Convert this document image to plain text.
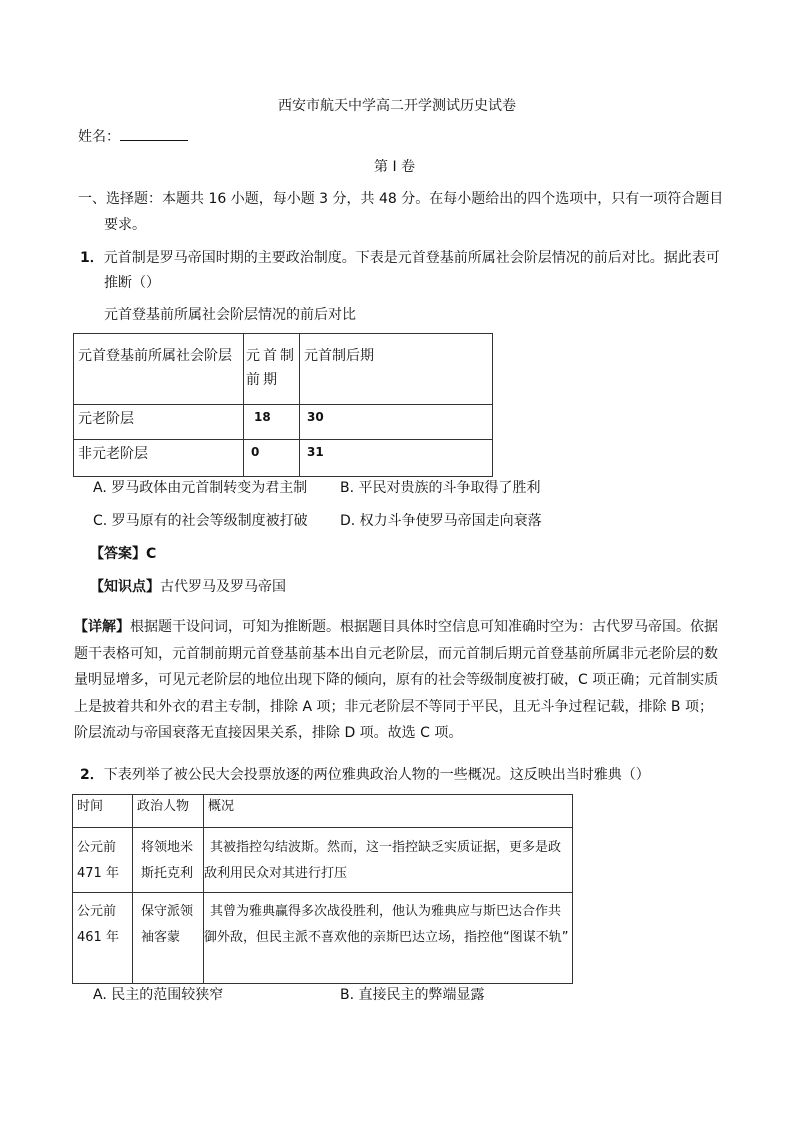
西安市航天中学高二开学测试历史试卷
姓名：
第 I 卷
一、选择题：本题共 16 小题，每小题 3 分，共 48 分。在每小题给出的四个选项中，只有一项符合题目
要求。
1．元首制是罗马帝国时期的主要政治制度。下表是元首登基前所属社会阶层情况的前后对比。据此表可
推断（）
元首登基前所属社会阶层情况的前后对比
元首登基前所属社会阶层	元首制前期	元首制后期

元老阶层	18	30

非元老阶层	0	31
A. 罗马政体由元首制转变为君主制 B. 平民对贵族的斗争取得了胜利
C. 罗马原有的社会等级制度被打破 D. 权力斗争使罗马帝国走向衰落
【答案】C
【知识点】古代罗马及罗马帝国
【详解】根据题干设问词，可知为推断题。根据题目具体时空信息可知准确时空为：古代罗马帝国。依据题干表格可知，元首制前期元首登基前基本出自元老阶层，而元首制后期元首登基前所属非元老阶层的数量明显增多，可见元老阶层的地位出现下降的倾向，原有的社会等级制度被打破，C 项正确；元首制实质上是披着共和外衣的君主专制，排除 A 项；非元老阶层不等同于平民，且无斗争过程记载，排除 B 项；阶层流动与帝国衰落无直接因果关系，排除 D 项。故选 C 项。
2．下表列举了被公民大会投票放逐的两位雅典政治人物的一些概况。这反映出当时雅典（）
时间	政治人物	概况

公元前 471 年	将领地米斯托克利	其被指控勾结波斯。然而，这一指控缺乏实质证据，更多是政敌利用民众对其进行打压

公元前 461 年	保守派领袖客蒙	其曾为雅典赢得多次战役胜利，他认为雅典应与斯巴达合作共御外敌，但民主派不喜欢他的亲斯巴达立场，指控他“图谋不轨”
A. 民主的范围较狭窄	B. 直接民主的弊端显露
